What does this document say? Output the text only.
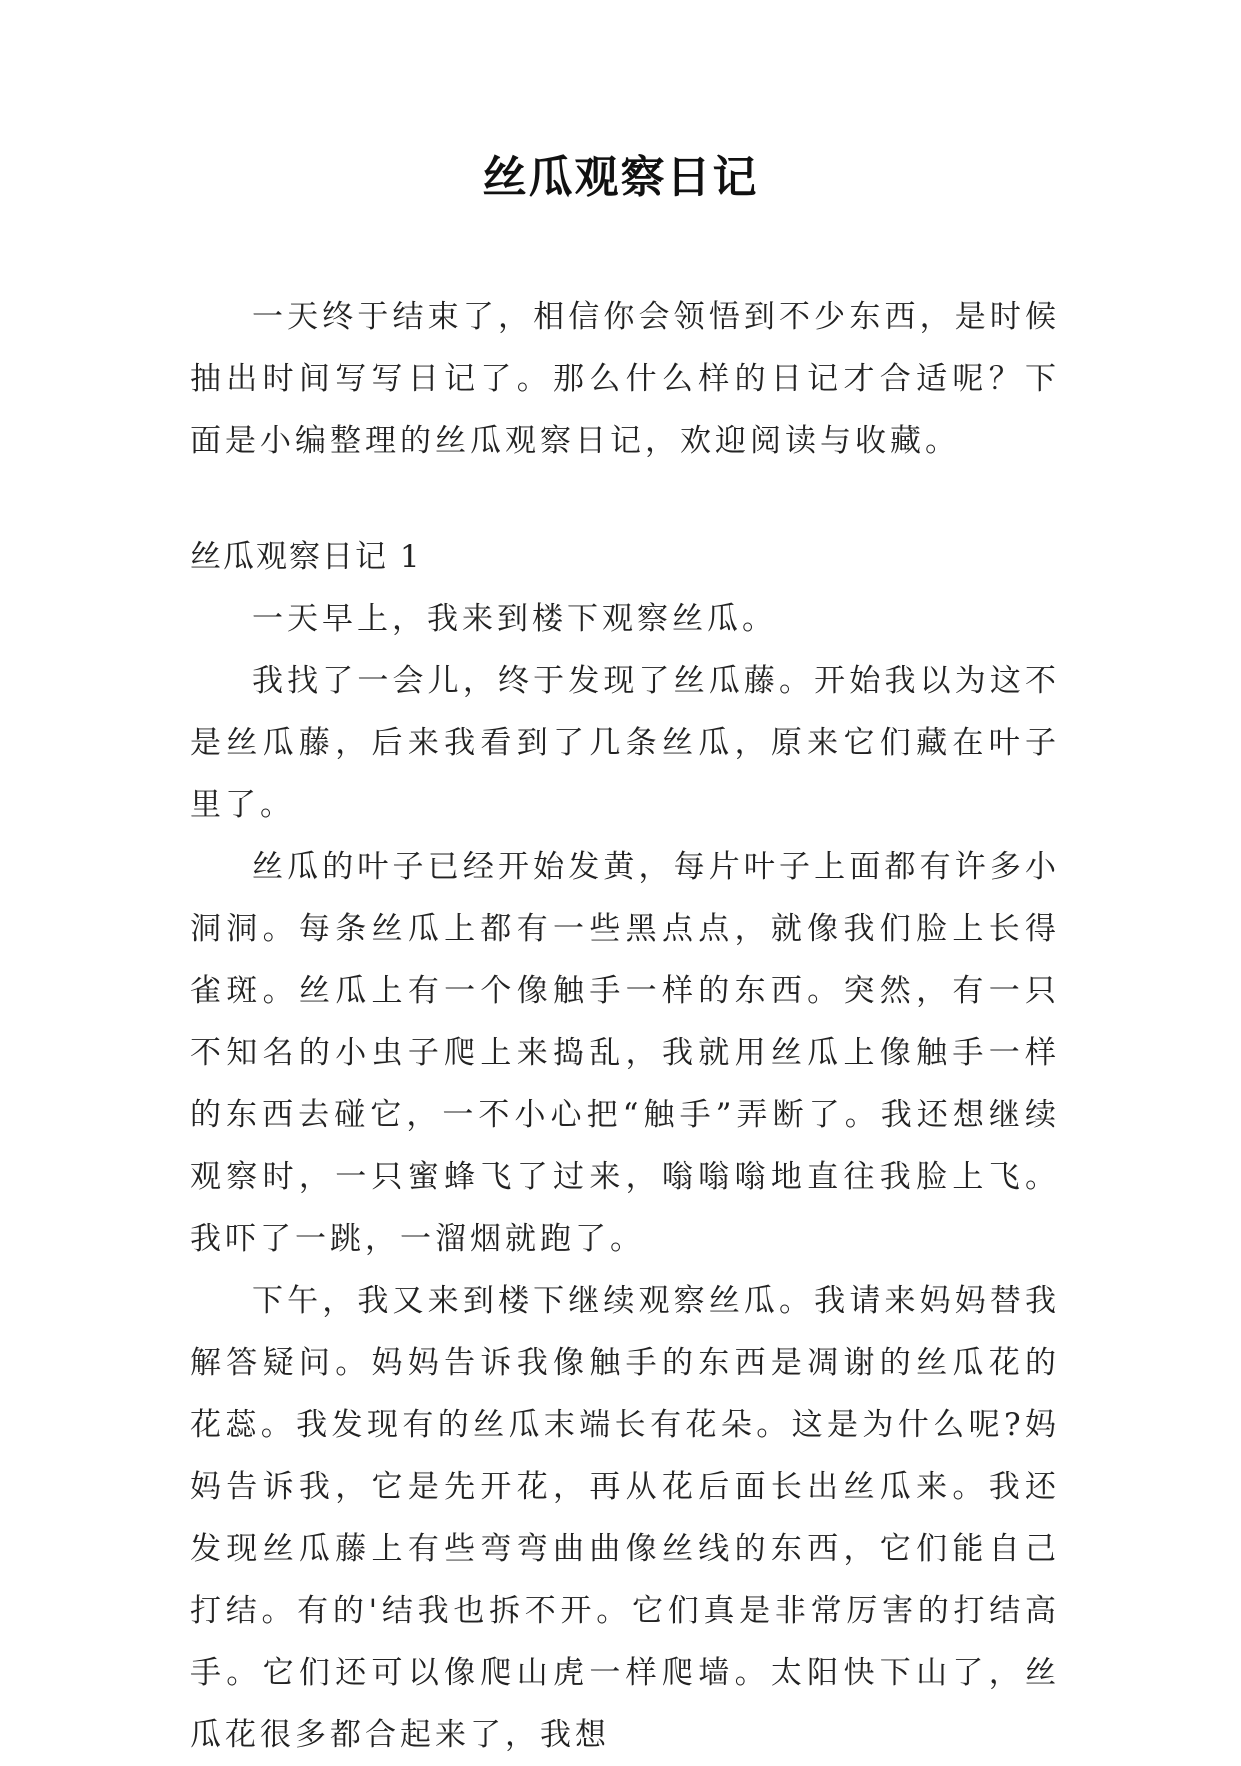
丝瓜观察日记

一天终于结束了，相信你会领悟到不少东西，是时候抽出时间写写日记了。那么什么样的日记才合适呢？下面是小编整理的丝瓜观察日记，欢迎阅读与收藏。

丝瓜观察日记 1

一天早上，我来到楼下观察丝瓜。

我找了一会儿，终于发现了丝瓜藤。开始我以为这不是丝瓜藤，后来我看到了几条丝瓜，原来它们藏在叶子里了。

丝瓜的叶子已经开始发黄，每片叶子上面都有许多小洞洞。每条丝瓜上都有一些黑点点，就像我们脸上长得雀斑。丝瓜上有一个像触手一样的东西。突然，有一只不知名的小虫子爬上来捣乱，我就用丝瓜上像触手一样的东西去碰它，一不小心把“触手”弄断了。我还想继续观察时，一只蜜蜂飞了过来，嗡嗡嗡地直往我脸上飞。我吓了一跳，一溜烟就跑了。

下午，我又来到楼下继续观察丝瓜。我请来妈妈替我解答疑问。妈妈告诉我像触手的东西是凋谢的丝瓜花的花蕊。我发现有的丝瓜末端长有花朵。这是为什么呢?妈妈告诉我，它是先开花，再从花后面长出丝瓜来。我还发现丝瓜藤上有些弯弯曲曲像丝线的东西，它们能自己打结。有的'结我也拆不开。它们真是非常厉害的打结高手。它们还可以像爬山虎一样爬墙。太阳快下山了，丝瓜花很多都合起来了，我想
